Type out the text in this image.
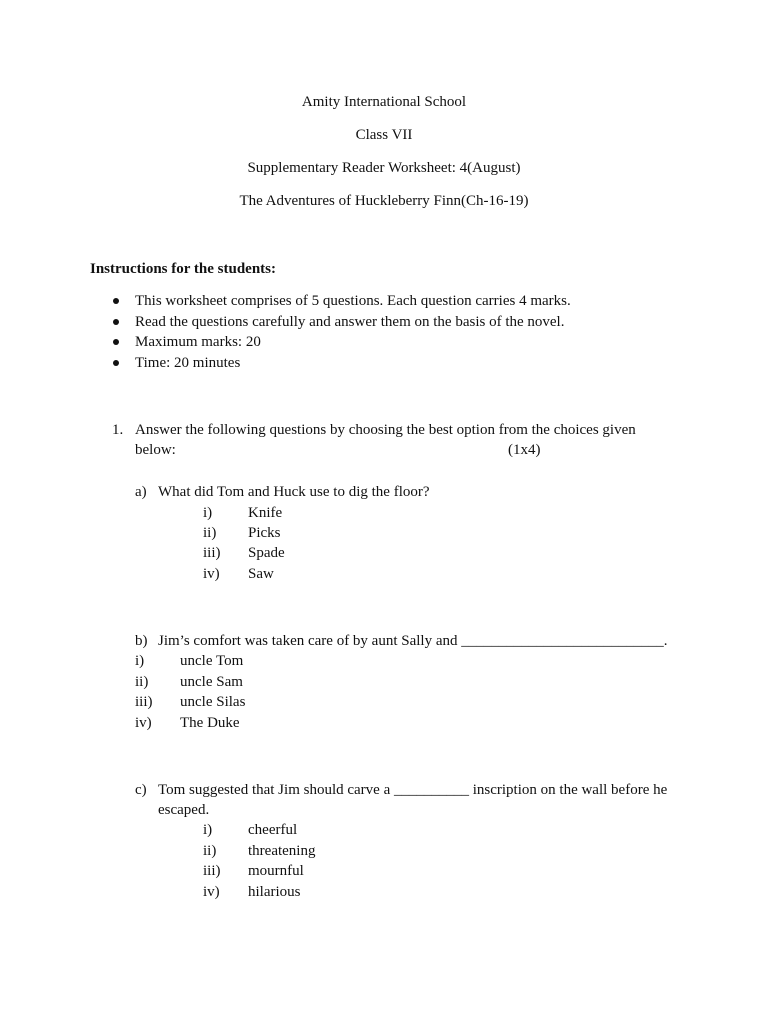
Amity International School
Class VII
Supplementary Reader Worksheet: 4(August)
The Adventures of Huckleberry Finn(Ch-16-19)
Instructions for the students:
This worksheet comprises of 5 questions. Each question carries 4 marks.
Read the questions carefully and answer them on the basis of the novel.
Maximum marks: 20
Time: 20 minutes
1. Answer the following questions by choosing the best option from the choices given
below:	(1x4)
a) What did Tom and Huck use to dig the floor?
i) Knife
ii) Picks
iii) Spade
iv) Saw
b) Jim’s comfort was taken care of by aunt Sally and ___________________________.
i) uncle Tom
ii) uncle Sam
iii) uncle Silas
iv) The Duke
c) Tom suggested that Jim should carve a __________ inscription on the wall before he
escaped.
i) cheerful
ii) threatening
iii) mournful
iv) hilarious
